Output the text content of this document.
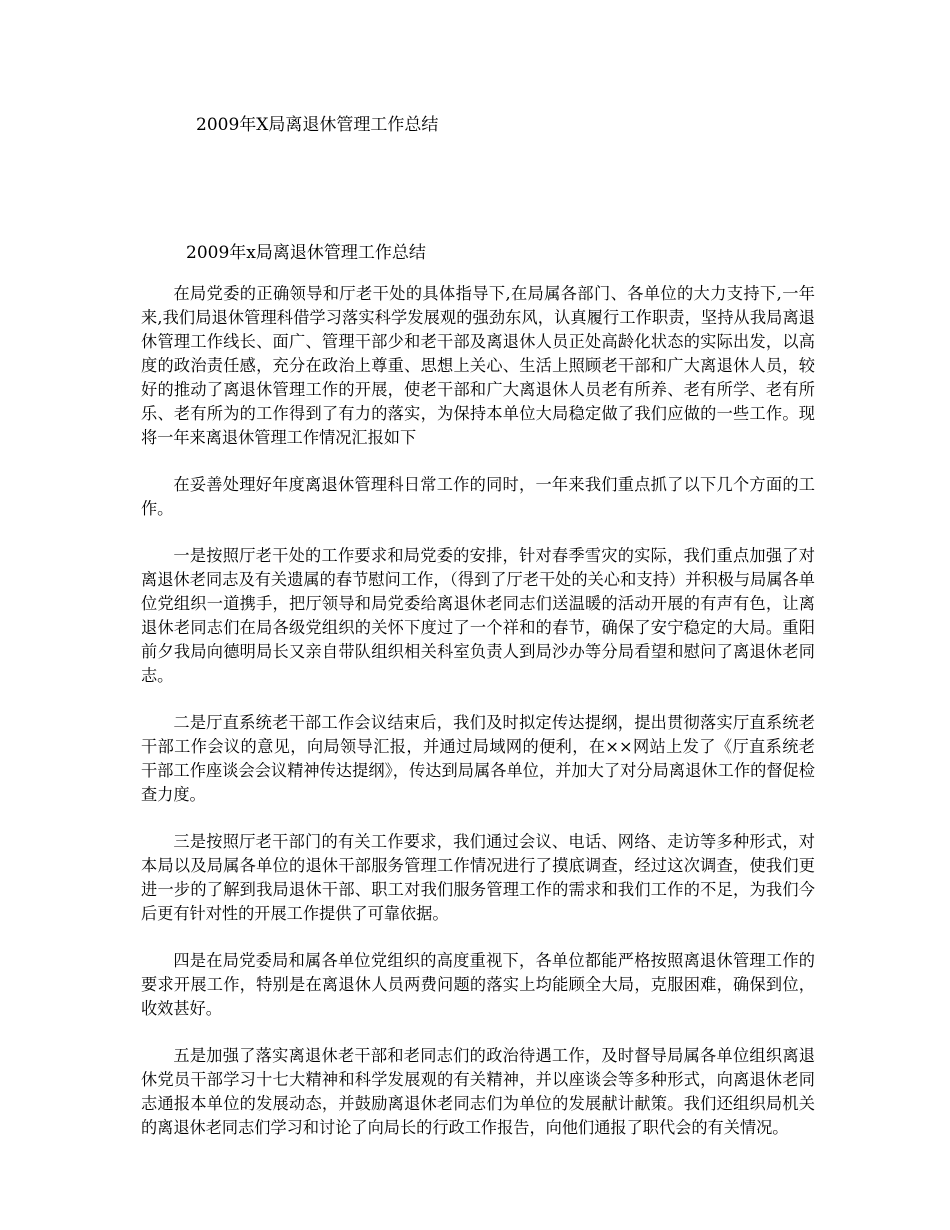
2009年X局离退休管理工作总结
2009年x局离退休管理工作总结

在局党委的正确领导和厅老干处的具体指导下,在局属各部门、各单位的大力支持下,一年来,我们局退休管理科借学习落实科学发展观的强劲东风，认真履行工作职责，坚持从我局离退休管理工作线长、面广、管理干部少和老干部及离退休人员正处高龄化状态的实际出发，以高度的政治责任感，充分在政治上尊重、思想上关心、生活上照顾老干部和广大离退休人员，较好的推动了离退休管理工作的开展，使老干部和广大离退休人员老有所养、老有所学、老有所乐、老有所为的工作得到了有力的落实，为保持本单位大局稳定做了我们应做的一些工作。现将一年来离退休管理工作情况汇报如下

在妥善处理好年度离退休管理科日常工作的同时，一年来我们重点抓了以下几个方面的工作。

一是按照厅老干处的工作要求和局党委的安排，针对春季雪灾的实际，我们重点加强了对离退休老同志及有关遗属的春节慰问工作，（得到了厅老干处的关心和支持）并积极与局属各单位党组织一道携手，把厅领导和局党委给离退休老同志们送温暖的活动开展的有声有色，让离退休老同志们在局各级党组织的关怀下度过了一个祥和的春节，确保了安宁稳定的大局。重阳前夕我局向德明局长又亲自带队组织相关科室负责人到局沙办等分局看望和慰问了离退休老同志。

二是厅直系统老干部工作会议结束后，我们及时拟定传达提纲，提出贯彻落实厅直系统老干部工作会议的意见，向局领导汇报，并通过局域网的便利，在××网站上发了《厅直系统老干部工作座谈会会议精神传达提纲》，传达到局属各单位，并加大了对分局离退休工作的督促检查力度。

三是按照厅老干部门的有关工作要求，我们通过会议、电话、网络、走访等多种形式，对本局以及局属各单位的退休干部服务管理工作情况进行了摸底调查，经过这次调查，使我们更进一步的了解到我局退休干部、职工对我们服务管理工作的需求和我们工作的不足，为我们今后更有针对性的开展工作提供了可靠依据。

四是在局党委局和属各单位党组织的高度重视下，各单位都能严格按照离退休管理工作的要求开展工作，特别是在离退休人员两费问题的落实上均能顾全大局，克服困难，确保到位，收效甚好。

五是加强了落实离退休老干部和老同志们的政治待遇工作，及时督导局属各单位组织离退休党员干部学习十七大精神和科学发展观的有关精神，并以座谈会等多种形式，向离退休老同志通报本单位的发展动态，并鼓励离退休老同志们为单位的发展献计献策。我们还组织局机关的离退休老同志们学习和讨论了向局长的行政工作报告，向他们通报了职代会的有关情况。
